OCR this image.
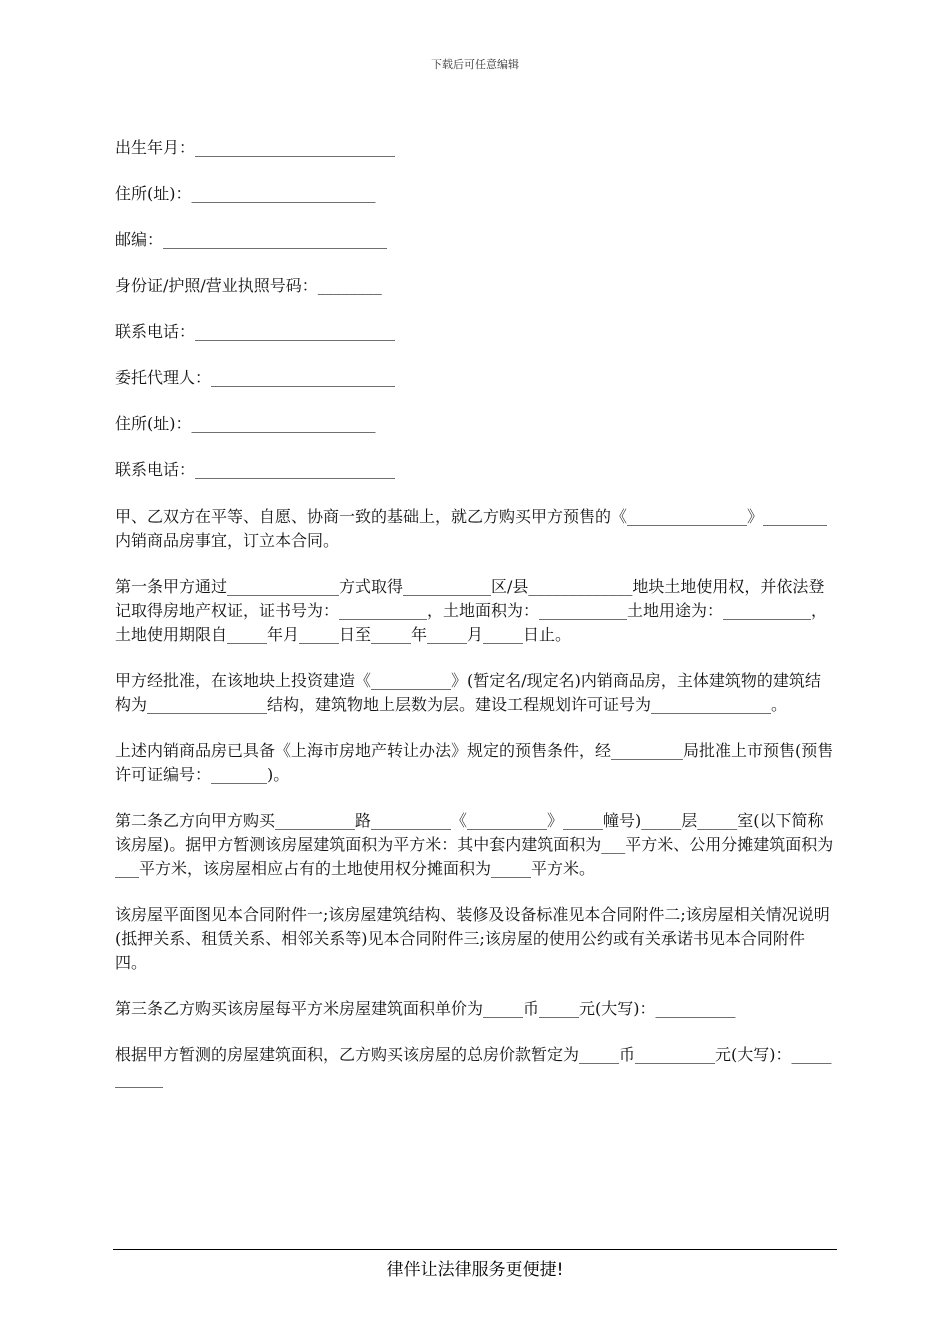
下载后可任意编辑
出生年月：_________________________
住所(址)：_______________________
邮编：____________________________
身份证/护照/营业执照号码：________
联系电话：_________________________
委托代理人：_______________________
住所(址)：_______________________
联系电话：_________________________

甲、乙双方在平等、自愿、协商一致的基础上，就乙方购买甲方预售的《_______________》________内销商品房事宜，订立本合同。

第一条甲方通过______________方式取得___________区/县_____________地块土地使用权，并依法登记取得房地产权证，证书号为：___________，土地面积为：___________土地用途为：___________，土地使用期限自_____年月_____日至_____年_____月_____日止。

甲方经批准，在该地块上投资建造《__________》(暂定名/现定名)内销商品房，主体建筑物的建筑结构为_______________结构，建筑物地上层数为层。建设工程规划许可证号为_______________。

上述内销商品房已具备《上海市房地产转让办法》规定的预售条件，经_________局批准上市预售(预售许可证编号：_______)。

第二条乙方向甲方购买__________路__________《__________》_____幢号)_____层_____室(以下简称该房屋)。据甲方暂测该房屋建筑面积为平方米：其中套内建筑面积为___平方米、公用分摊建筑面积为___平方米，该房屋相应占有的土地使用权分摊面积为_____平方米。

该房屋平面图见本合同附件一;该房屋建筑结构、装修及设备标准见本合同附件二;该房屋相关情况说明(抵押关系、租赁关系、相邻关系等)见本合同附件三;该房屋的使用公约或有关承诺书见本合同附件四。

第三条乙方购买该房屋每平方米房屋建筑面积单价为_____币_____元(大写)：__________

根据甲方暂测的房屋建筑面积，乙方购买该房屋的总房价款暂定为_____币__________元(大写)：___________

律伴让法律服务更便捷!
